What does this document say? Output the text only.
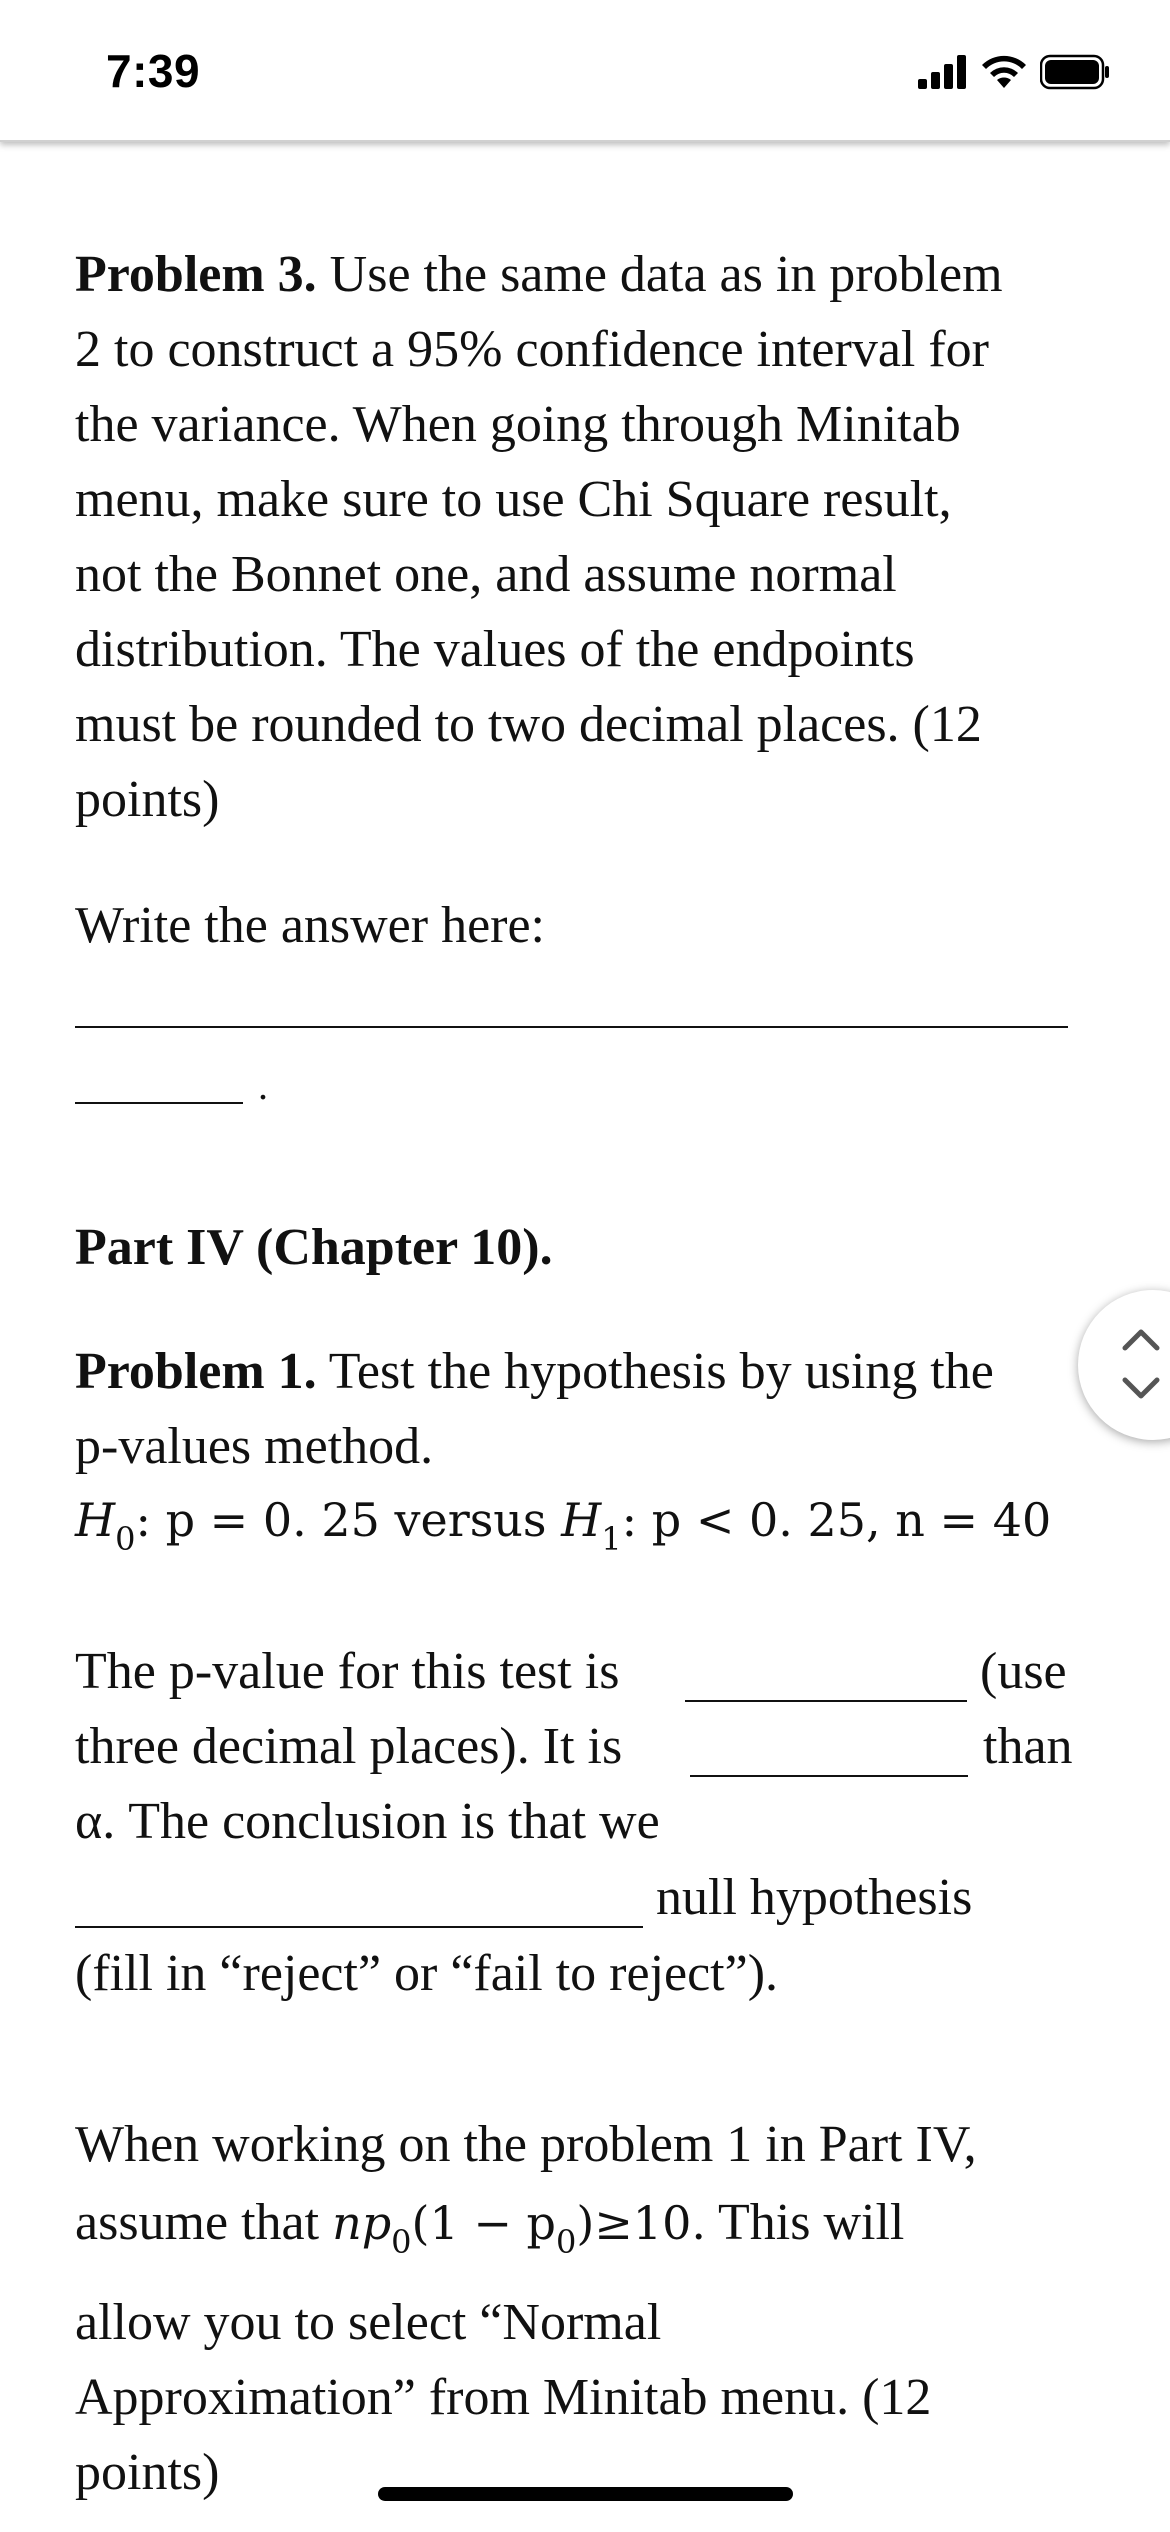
7:39
Problem 3. Use the same data as in problem
2 to construct a 95% confidence interval for
the variance. When going through Minitab
menu, make sure to use Chi Square result,
not the Bonnet one, and assume normal
distribution. The values of the endpoints
must be rounded to two decimal places. (12
points)
Write the answer here:
.
Part IV (Chapter 10).
Problem 1. Test the hypothesis by using the
p-values method.
$H_0$: p = 0. 25 versus $H_1$: p < 0. 25, n = 40
The p-value for this test is	(use
three decimal places). It is	than
α. The conclusion is that we
null hypothesis
(fill in “reject” or “fail to reject”).
When working on the problem 1 in Part IV,
assume that $np_0(1 - p_0)\ge 10$. This will
allow you to select “Normal
Approximation” from Minitab menu. (12
points)
